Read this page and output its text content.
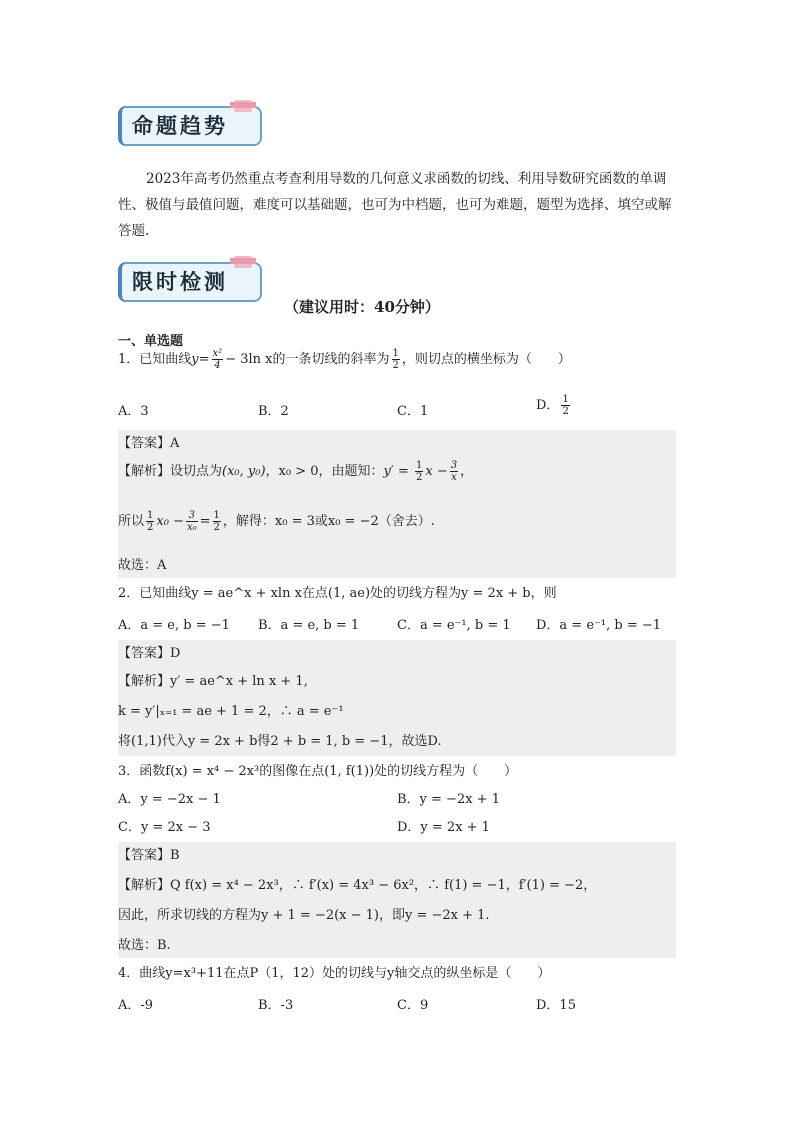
命题趋势
2023年高考仍然重点考查利用导数的几何意义求函数的切线、利用导数研究函数的单调性、极值与最值问题，难度可以基础题，也可为中档题，也可为难题，题型为选择、填空或解答题.
限时检测
（建议用时：40分钟）
一、单选题
1．已知曲线$y= \frac{\text{x²}}{4} - 3\ln$ x的一条切线的斜率为 $\frac{1}{2}$ ，则切点的横坐标为（　　）
A．3	B．2	C．1	D． $\frac{1}{2}$
【答案】A
【解析】设切点为(x₀, y₀)，x₀ > 0，由题知：$y' = \frac{1}{2}$ $x - \frac{3}{x}$ ，
所以 $\frac{1}{2} x_0 - \frac{3}{\text{x₀}} = \frac{1}{2}$ ，解得：x₀ = 3或x₀ = −2（舍去）.
故选：A
2．已知曲线y = ae^x + xln x在点(1, ae)处的切线方程为y = 2x + b，则
A．a = e, b = −1 B．a = e, b = 1	C．a = e⁻¹, b = 1 D．a = e⁻¹, b = −1
【答案】D
【解析】y′ = ae^x + ln x + 1,
k = y′|ₓ₌₁ = ae + 1 = 2，∴ a = e⁻¹
将(1,1)代入y = 2x + b得2 + b = 1, b = −1，故选D.
3．函数f(x) = x⁴ − 2x³的图像在点(1, f(1))处的切线方程为（　　）
A．y = −2x − 1	B．y = −2x + 1
C．y = 2x − 3	D．y = 2x + 1
【答案】B
【解析】Q f(x) = x⁴ − 2x³，∴ f′(x) = 4x³ − 6x²，∴ f(1) = −1，f′(1) = −2，
因此，所求切线的方程为y + 1 = −2(x − 1)，即y = −2x + 1.
故选：B.
4．曲线y=x³+11在点P（1，12）处的切线与y轴交点的纵坐标是（　　）
A．-9	B．-3	C．9	D．15
